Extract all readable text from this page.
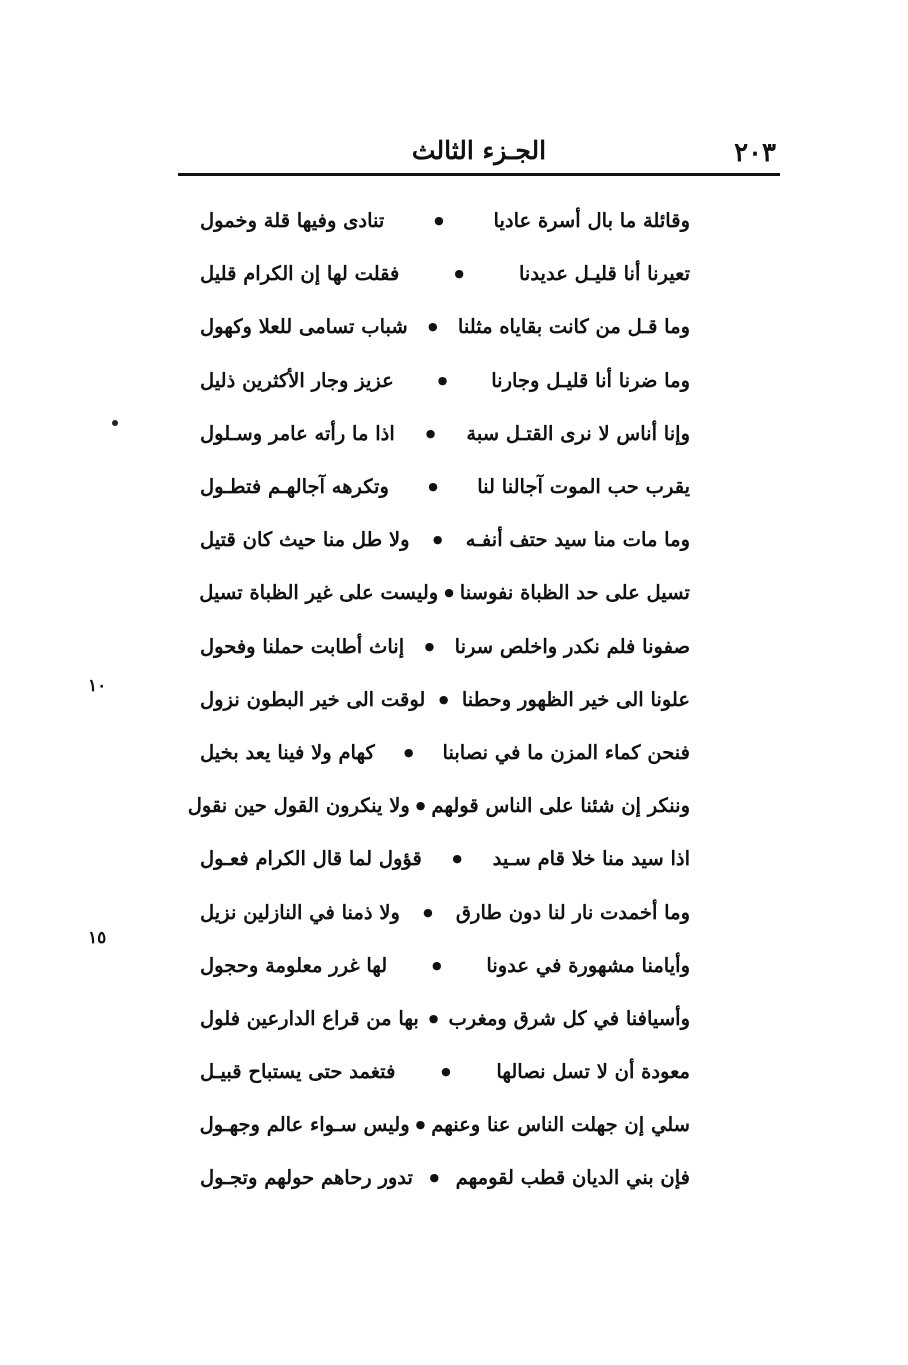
٢٠٣
الجـزء الثالث
وقائلة ما بال أسرة عاديا
●
تنادى وفيها قلة وخمول
تعيرنا أنا قليـل عديدنا
●
فقلت لها إن الكرام قليل
وما قـل من كانت بقاياه مثلنا
●
شباب تسامى للعلا وكهول
وما ضرنا أنا قليـل وجارنا
●
عزيز وجار الأكثرين ذليل
وإنا أناس لا نرى القتـل سبة
●
اذا ما رأته عامر وسـلول
يقرب حب الموت آجالنا لنا
●
وتكرهه آجالهـم فتطـول
وما مات منا سيد حتف أنفـه
●
ولا طل منا حيث كان قتيل
تسيل على حد الظباة نفوسنا
●
وليست على غير الظباة تسيل
صفونا فلم نكدر واخلص سرنا
●
إناث أطابت حملنا وفحول
علونا الى خير الظهور وحطنا
●
لوقت الى خير البطون نزول
فنحن كماء المزن ما في نصابنا
●
كهام ولا فينا يعد بخيل
وننكر إن شئنا على الناس قولهم
●
ولا ينكرون القول حين نقول
اذا سيد منا خلا قام سـيد
●
قؤول لما قال الكرام فعـول
وما أخمدت نار لنا دون طارق
●
ولا ذمنا في النازلين نزيل
وأيامنا مشهورة في عدونا
●
لها غرر معلومة وحجول
وأسيافنا في كل شرق ومغرب
●
بها من قراع الدارعين فلول
معودة أن لا تسل نصالها
●
فتغمد حتى يستباح قبيـل
سلي إن جهلت الناس عنا وعنهم
●
وليس سـواء عالم وجهـول
فإن بني الديان قطب لقومهم
●
تدور رحاهم حولهم وتجـول
١٠
١٥
